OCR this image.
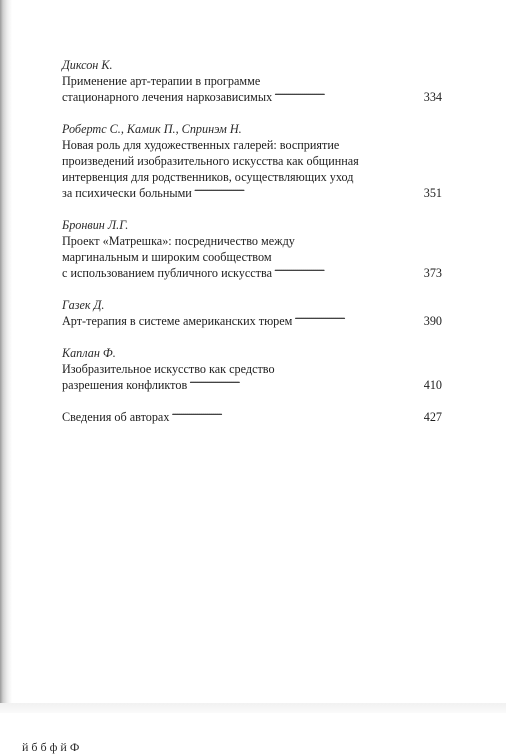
Диксон К.
Применение арт-терапии в программе
стационарного лечения наркозависимых . . .	334
Робертс С., Камик П., Спринэм Н.
Новая роль для художественных галерей: восприятие
произведений изобразительного искусства как общинная
интервенция для родственников, осуществляющих уход
за психически больными . . .	351
Бронвин Л.Г.
Проект «Матрешка»: посредничество между
маргинальным и широким сообществом
с использованием публичного искусства . . .	373
Газек Д.
Арт-терапия в системе американских тюрем . . .	390
Каплан Ф.
Изобразительное искусство как средство
разрешения конфликтов . . .	410
Сведения об авторах . . .	427
й б б ф й Ф
